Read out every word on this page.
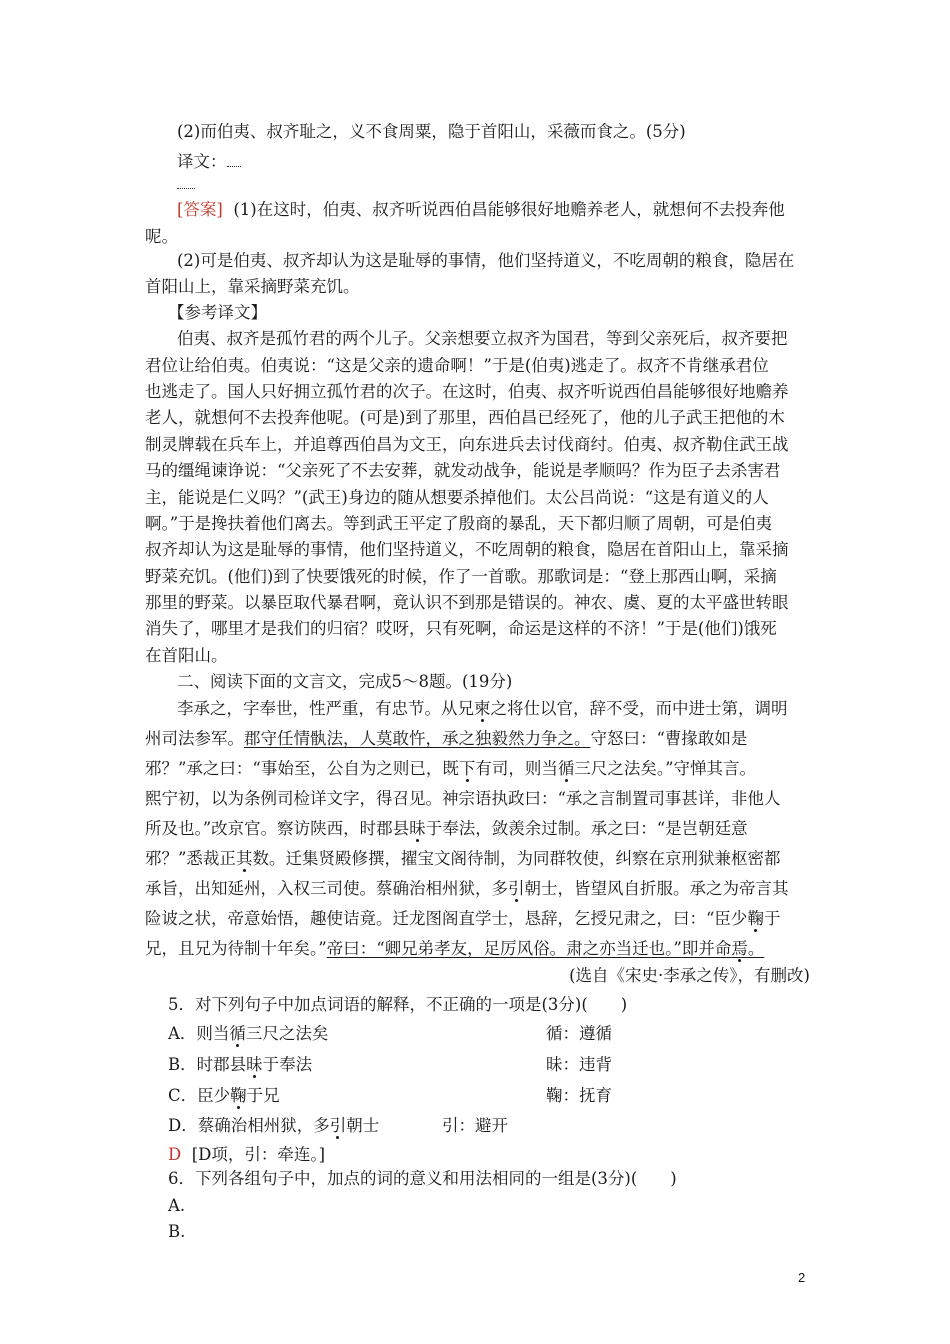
(2)而伯夷、叔齐耻之，义不食周粟，隐于首阳山，采薇而食之。(5分)
译文：
[答案] (1)在这时，伯夷、叔齐听说西伯昌能够很好地赡养老人，就想何不去投奔他
呢。
(2)可是伯夷、叔齐却认为这是耻辱的事情，他们坚持道义，不吃周朝的粮食，隐居在
首阳山上，靠采摘野菜充饥。
【参考译文】
伯夷、叔齐是孤竹君的两个儿子。父亲想要立叔齐为国君，等到父亲死后，叔齐要把
君位让给伯夷。伯夷说：“这是父亲的遗命啊！”于是(伯夷)逃走了。叔齐不肯继承君位
也逃走了。国人只好拥立孤竹君的次子。在这时，伯夷、叔齐听说西伯昌能够很好地赡养
老人，就想何不去投奔他呢。(可是)到了那里，西伯昌已经死了，他的儿子武王把他的木
制灵牌载在兵车上，并追尊西伯昌为文王，向东进兵去讨伐商纣。伯夷、叔齐勒住武王战
马的缰绳谏诤说：“父亲死了不去安葬，就发动战争，能说是孝顺吗？作为臣子去杀害君
主，能说是仁义吗？”(武王)身边的随从想要杀掉他们。太公吕尚说：“这是有道义的人
啊。”于是搀扶着他们离去。等到武王平定了殷商的暴乱，天下都归顺了周朝，可是伯夷
叔齐却认为这是耻辱的事情，他们坚持道义，不吃周朝的粮食，隐居在首阳山上，靠采摘
野菜充饥。(他们)到了快要饿死的时候，作了一首歌。那歌词是：“登上那西山啊，采摘
那里的野菜。以暴臣取代暴君啊，竟认识不到那是错误的。神农、虞、夏的太平盛世转眼
消失了，哪里才是我们的归宿？哎呀，只有死啊，命运是这样的不济！”于是(他们)饿死
在首阳山。
二、阅读下面的文言文，完成5～8题。(19分)
李承之，字奉世，性严重，有忠节。从兄柬之将仕以官，辞不受，而中进士第，调明
州司法参军。郡守任情骫法，人莫敢忤，承之独毅然力争之。守怒曰：“曹掾敢如是
邪？”承之曰：“事始至，公自为之则已，既下有司，则当循三尺之法矣。”守惮其言。
熙宁初，以为条例司检详文字，得召见。神宗语执政曰：“承之言制置司事甚详，非他人
所及也。”改京官。察访陕西，时郡县昧于奉法，敛羡余过制。承之曰：“是岂朝廷意
邪？”悉裁正其数。迁集贤殿修撰，擢宝文阁待制，为同群牧使，纠察在京刑狱兼枢密都
承旨，出知延州，入权三司使。蔡确治相州狱，多引朝士，皆望风自折服。承之为帝言其
险诐之状，帝意始悟，趣使诘竟。迁龙图阁直学士，恳辞，乞授兄肃之，曰：“臣少鞠于
兄，且兄为待制十年矣。”帝曰：“卿兄弟孝友，足厉风俗。肃之亦当迁也。”即并命焉。
(选自《宋史·李承之传》，有删改)
5．对下列句子中加点词语的解释，不正确的一项是(3分)(　　)
A．则当循三尺之法矣	循：遵循
B．时郡县昧于奉法	昧：违背
C．臣少鞠于兄	鞠：抚育
D．蔡确治相州狱，多引朝士	引：避开
D [D项，引：牵连。]
6．下列各组句子中，加点的词的意义和用法相同的一组是(3分)(　　)
A.
B.
2
